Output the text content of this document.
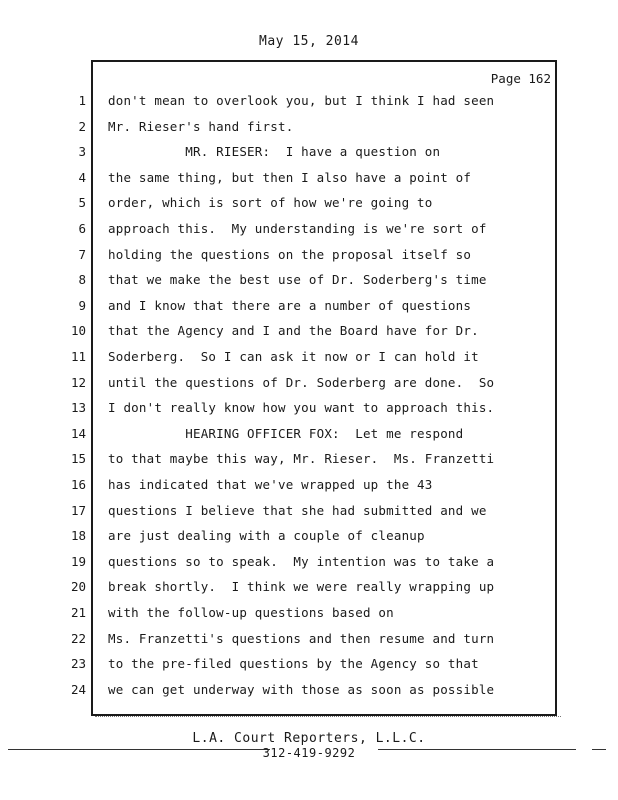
May 15, 2014
Page 162
1 don't mean to overlook you, but I think I had seen
2 Mr. Rieser's hand first.
3 MR. RIESER:  I have a question on
4 the same thing, but then I also have a point of
5 order, which is sort of how we're going to
6 approach this.  My understanding is we're sort of
7 holding the questions on the proposal itself so
8 that we make the best use of Dr. Soderberg's time
9 and I know that there are a number of questions
10 that the Agency and I and the Board have for Dr.
11 Soderberg.  So I can ask it now or I can hold it
12 until the questions of Dr. Soderberg are done.  So
13 I don't really know how you want to approach this.
14 HEARING OFFICER FOX:  Let me respond
15 to that maybe this way, Mr. Rieser.  Ms. Franzetti
16 has indicated that we've wrapped up the 43
17 questions I believe that she had submitted and we
18 are just dealing with a couple of cleanup
19 questions so to speak.  My intention was to take a
20 break shortly.  I think we were really wrapping up
21 with the follow-up questions based on
22 Ms. Franzetti's questions and then resume and turn
23 to the pre-filed questions by the Agency so that
24 we can get underway with those as soon as possible
L.A. Court Reporters, L.L.C.
312-419-9292
